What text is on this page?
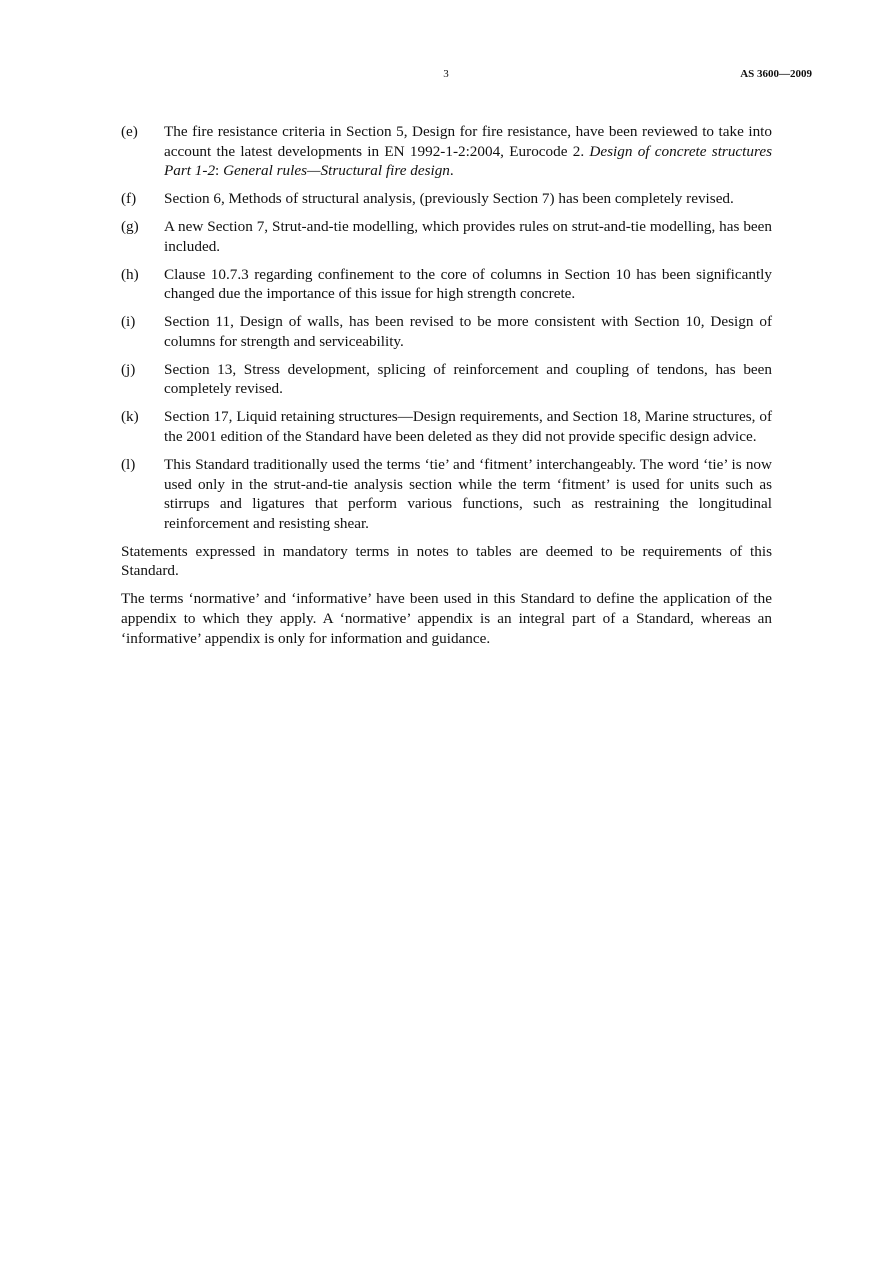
3	AS 3600—2009
(e)	The fire resistance criteria in Section 5, Design for fire resistance, have been reviewed to take into account the latest developments in EN 1992-1-2:2004, Eurocode 2. Design of concrete structures Part 1-2: General rules—Structural fire design.
(f)	Section 6, Methods of structural analysis, (previously Section 7) has been completely revised.
(g)	A new Section 7, Strut-and-tie modelling, which provides rules on strut-and-tie modelling, has been included.
(h)	Clause 10.7.3 regarding confinement to the core of columns in Section 10 has been significantly changed due the importance of this issue for high strength concrete.
(i)	Section 11, Design of walls, has been revised to be more consistent with Section 10, Design of columns for strength and serviceability.
(j)	Section 13, Stress development, splicing of reinforcement and coupling of tendons, has been completely revised.
(k)	Section 17, Liquid retaining structures—Design requirements, and Section 18, Marine structures, of the 2001 edition of the Standard have been deleted as they did not provide specific design advice.
(l)	This Standard traditionally used the terms ‘tie’ and ‘fitment’ interchangeably. The word ‘tie’ is now used only in the strut-and-tie analysis section while the term ‘fitment’ is used for units such as stirrups and ligatures that perform various functions, such as restraining the longitudinal reinforcement and resisting shear.

Statements expressed in mandatory terms in notes to tables are deemed to be requirements of this Standard.

The terms ‘normative’ and ‘informative’ have been used in this Standard to define the application of the appendix to which they apply. A ‘normative’ appendix is an integral part of a Standard, whereas an ‘informative’ appendix is only for information and guidance.
